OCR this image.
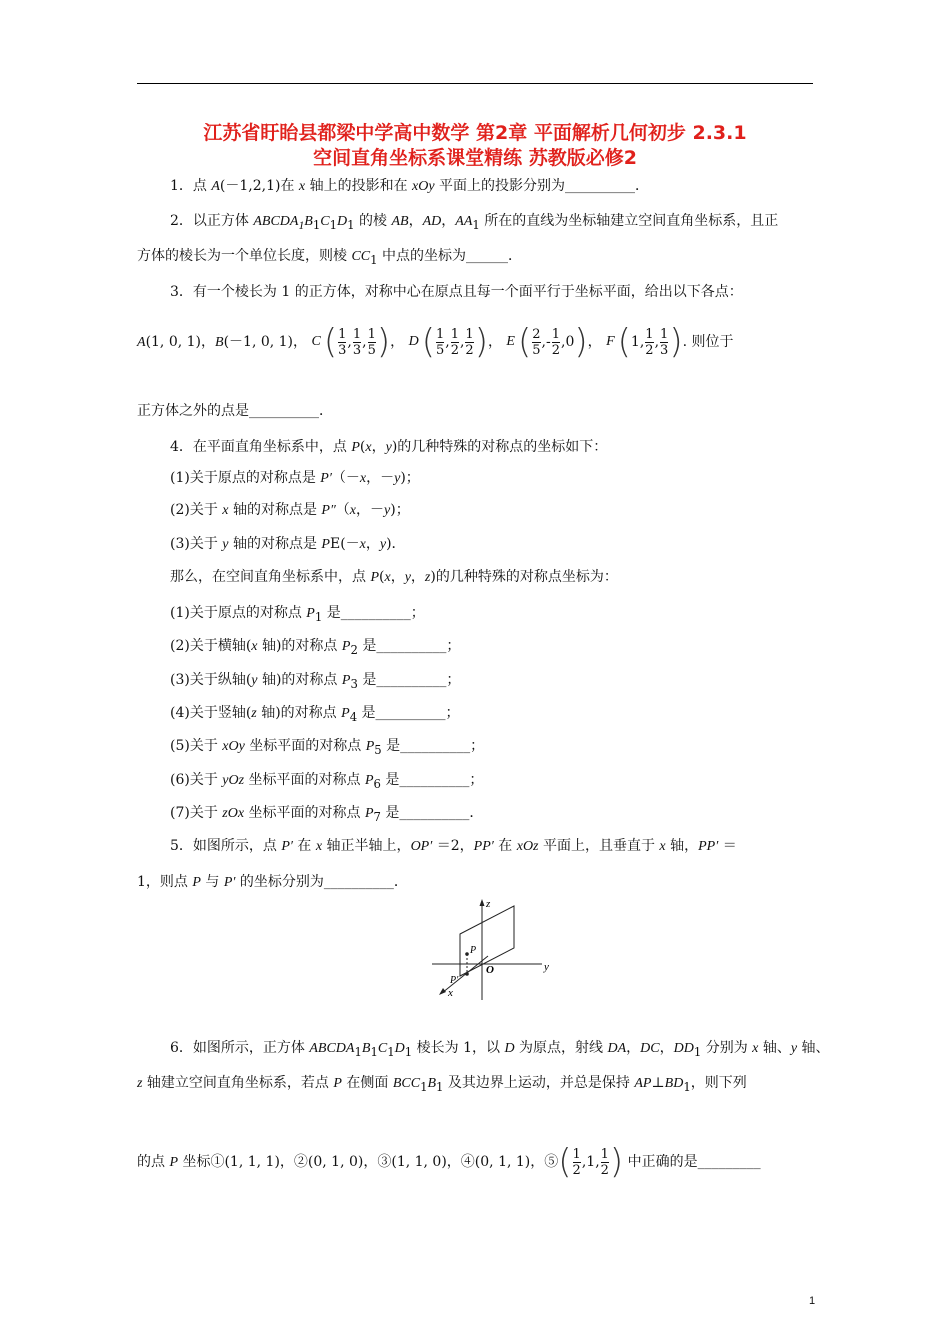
江苏省盱眙县都梁中学高中数学 第2章 平面解析几何初步 2.3.1
空间直角坐标系课堂精练 苏教版必修2
1．点 A(－1,2,1)在 x 轴上的投影和在 xOy 平面上的投影分别为__________．
2．以正方体 $ABCDA_1B_1C_1D_1$ 的棱 AB，AD，$AA_1$ 所在的直线为坐标轴建立空间直角坐标系，且正
方体的棱长为一个单位长度，则棱 $CC_1$ 中点的坐标为______．
3．有一个棱长为 1 的正方体，对称中心在原点且每一个面平行于坐标平面，给出以下各点：
A(1, 0, 1)，B(－1, 0, 1)， C ( $\frac{1}{3}$ , $\frac{1}{3}$ , $\frac{1}{5}$ ) ， D ( $\frac{1}{5}$ , $\frac{1}{2}$ , $\frac{1}{2}$ ) ， E ( $\frac{2}{5}$ , - $\frac{1}{2}$ , 0 ) ， F ( 1 , $\frac{1}{2}$ , $\frac{1}{3}$ ) . 则位于
正方体之外的点是__________．
4．在平面直角坐标系中，点 P(x，y)的几种特殊的对称点的坐标如下：
(1)关于原点的对称点是 P′（－x，－y)；
(2)关于 x 轴的对称点是 P″（x，－y)；
(3)关于 y 轴的对称点是 PE(－x，y)．
那么，在空间直角坐标系中，点 P(x，y，z)的几种特殊的对称点坐标为：
(1)关于原点的对称点 $P_1$ 是__________；
(2)关于横轴(x 轴)的对称点 $P_2$ 是__________；
(3)关于纵轴(y 轴)的对称点 $P_3$ 是__________；
(4)关于竖轴(z 轴)的对称点 $P_4$ 是__________；
(5)关于 xOy 坐标平面的对称点 $P_5$ 是__________；
(6)关于 yOz 坐标平面的对称点 $P_6$ 是__________；
(7)关于 zOx 坐标平面的对称点 $P_7$ 是__________．
5．如图所示，点 P′ 在 x 轴正半轴上，OP′ ＝2，PP′ 在 xOz 平面上，且垂直于 x 轴，PP′ ＝
1，则点 P 与 P′ 的坐标分别为__________．
z
y
x
O
P
P′
6．如图所示，正方体 $ABCDA_1B_1C_1D_1$ 棱长为 1，以 D 为原点，射线 DA，DC，$DD_1$ 分别为 x 轴、y 轴、
z 轴建立空间直角坐标系，若点 P 在侧面 $BCC_1B_1$ 及其边界上运动，并总是保持 $AP\perp BD_1$，则下列
的点 P 坐标①(1, 1, 1)，②(0, 1, 0)，③(1, 1, 0)，④(0, 1, 1)，⑤ ( $\frac{1}{2}$ , 1 , $\frac{1}{2}$ ) 中正确的是_________
1
